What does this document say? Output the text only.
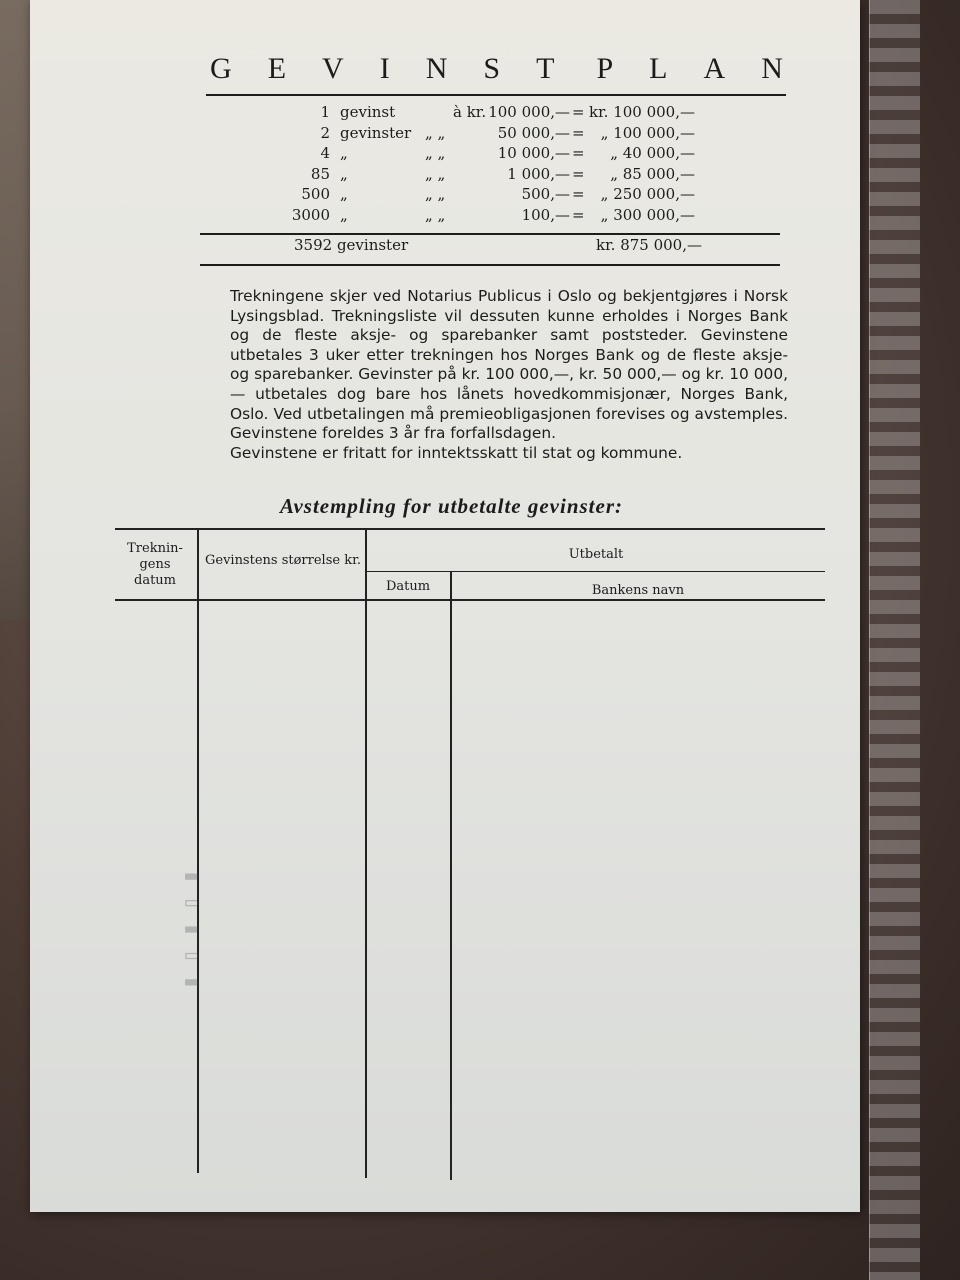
G E V I N S T P L A N
1 gevinst	à kr. 100 000,— = kr. 100 000,—
2 gevinster „ „	50 000,— =	„ 100 000,—
4 „	„ „	10 000,— =	„ 40 000,—
85 „	„ „	1 000,— =	„ 85 000,—
500 „	„ „	500,— =	„ 250 000,—
3000 „	„ „	100,— =	„ 300 000,—
3592 gevinster	kr. 875 000,—

Trekningene skjer ved Notarius Publicus i Oslo og bekjentgjøres i Norsk Lysingsblad. Trekningsliste vil dessuten kunne erholdes i Norges Bank og de fleste aksje- og sparebanker samt poststeder. Gevinstene utbetales 3 uker etter trekningen hos Norges Bank og de fleste aksje- og sparebanker. Gevinster på kr. 100 000,—, kr. 50 000,— og kr. 10 000,— utbetales dog bare hos lånets hovedkommisjonær, Norges Bank, Oslo. Ved utbetalingen må premieobligasjonen forevises og avstemples. Gevinstene foreldes 3 år fra forfallsdagen.

Gevinstene er fritatt for inntektsskatt til stat og kommune.

Avstempling for utbetalte gevinster:
Treknin-gens datum
Gevinstens størrelse kr.	Utbetalt
Datum	Bankens navn
▮ ▯ ▮ ▯ ▮
